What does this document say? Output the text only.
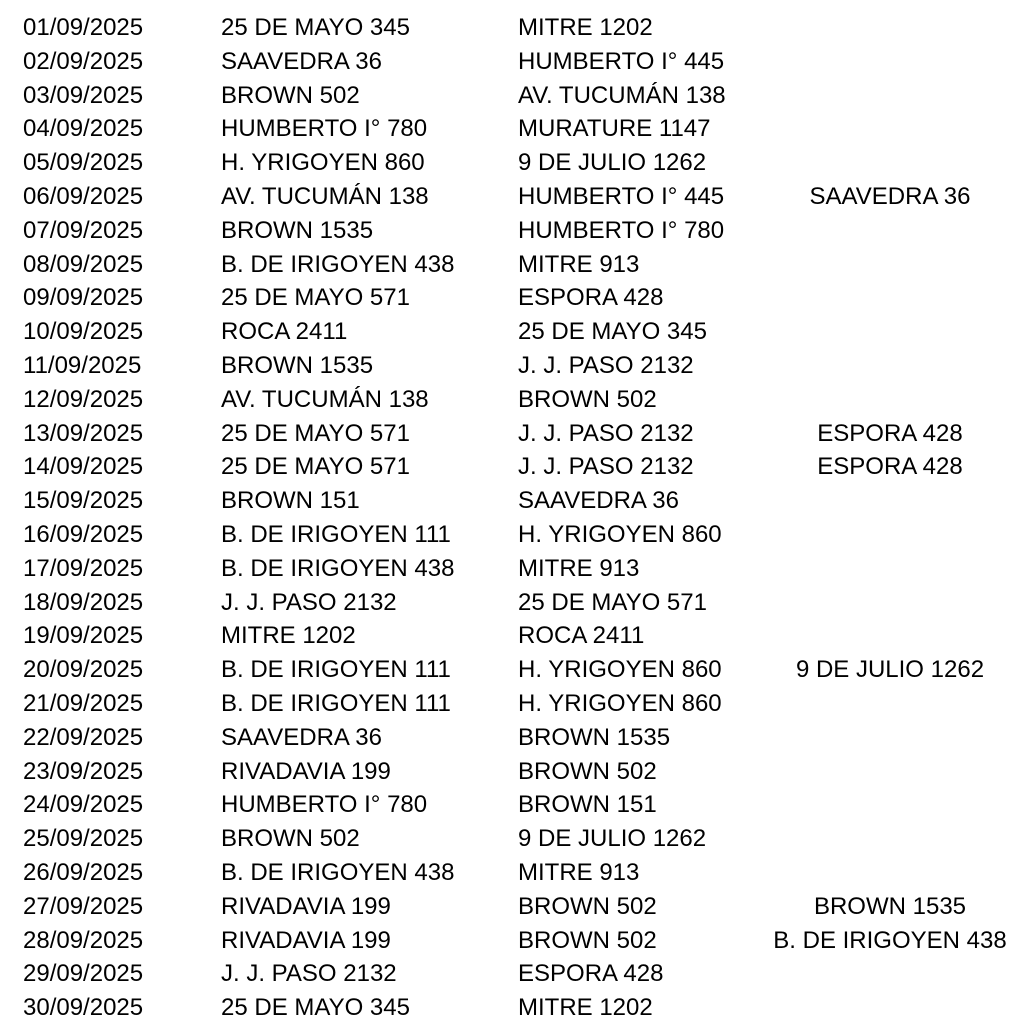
01/09/2025	25 DE MAYO 345	MITRE 1202
02/09/2025	SAAVEDRA 36	HUMBERTO I° 445
03/09/2025	BROWN 502	AV. TUCUMÁN 138
04/09/2025	HUMBERTO I° 780	MURATURE 1147
05/09/2025	H. YRIGOYEN 860	9 DE JULIO 1262
06/09/2025	AV. TUCUMÁN 138	HUMBERTO I° 445	SAAVEDRA 36
07/09/2025	BROWN 1535	HUMBERTO I° 780
08/09/2025	B. DE IRIGOYEN 438	MITRE 913
09/09/2025	25 DE MAYO 571	ESPORA 428
10/09/2025	ROCA 2411	25 DE MAYO 345
11/09/2025	BROWN 1535	J. J. PASO 2132
12/09/2025	AV. TUCUMÁN 138	BROWN 502
13/09/2025	25 DE MAYO 571	J. J. PASO 2132	ESPORA 428
14/09/2025	25 DE MAYO 571	J. J. PASO 2132	ESPORA 428
15/09/2025	BROWN 151	SAAVEDRA 36
16/09/2025	B. DE IRIGOYEN 111	H. YRIGOYEN 860
17/09/2025	B. DE IRIGOYEN 438	MITRE 913
18/09/2025	J. J. PASO 2132	25 DE MAYO 571
19/09/2025	MITRE 1202	ROCA 2411
20/09/2025	B. DE IRIGOYEN 111	H. YRIGOYEN 860	9 DE JULIO 1262
21/09/2025	B. DE IRIGOYEN 111	H. YRIGOYEN 860
22/09/2025	SAAVEDRA 36	BROWN 1535
23/09/2025	RIVADAVIA 199	BROWN 502
24/09/2025	HUMBERTO I° 780	BROWN 151
25/09/2025	BROWN 502	9 DE JULIO 1262
26/09/2025	B. DE IRIGOYEN 438	MITRE 913
27/09/2025	RIVADAVIA 199	BROWN 502	BROWN 1535
28/09/2025	RIVADAVIA 199	BROWN 502	B. DE IRIGOYEN 438
29/09/2025	J. J. PASO 2132	ESPORA 428
30/09/2025	25 DE MAYO 345	MITRE 1202
